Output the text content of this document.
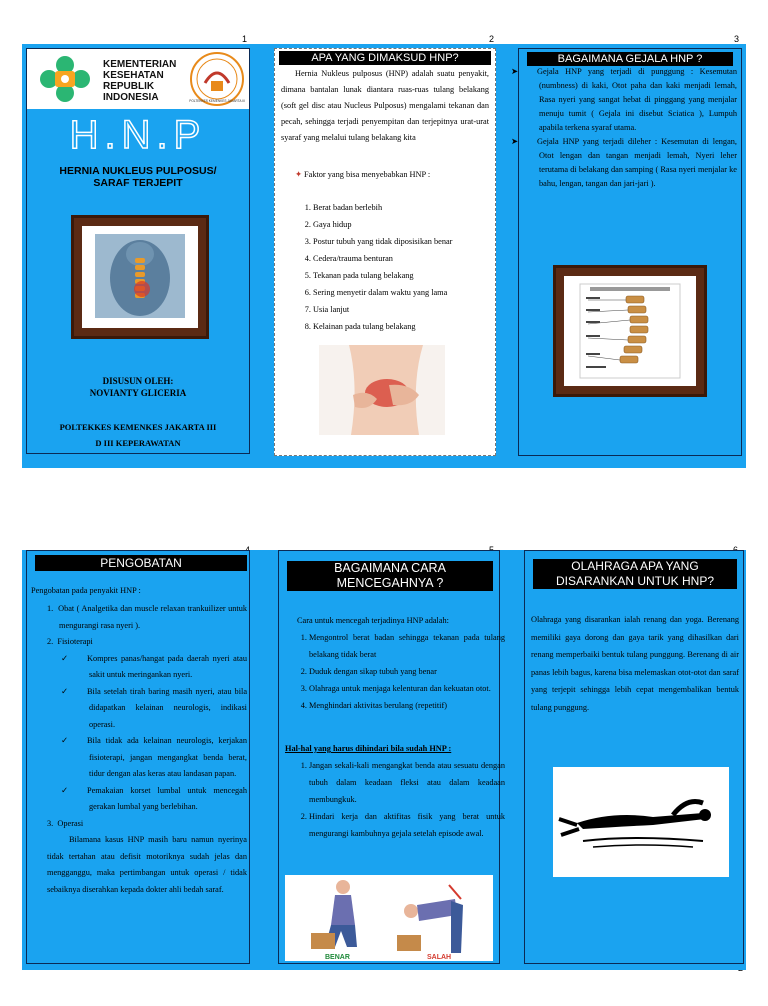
1	2	3
KEMENTERIAN
KESEHATAN
REPUBLIK
INDONESIA	POLTEKKES KEMENKES JAKARTA III
H.N.P
HERNIA NUKLEUS PULPOSUS/
SARAF TERJEPIT
DISUSUN OLEH:
NOVIANTY GLICERIA
POLTEKKES KEMENKES JAKARTA III
D III KEPERAWATAN
APA YANG DIMAKSUD HNP?
Hernia Nukleus pulposus (HNP) adalah suatu penyakit, dimana bantalan lunak diantara ruas-ruas tulang belakang (soft gel disc atau Nucleus Pulposus) mengalami tekanan dan pecah, sehingga terjadi penyempitan dan terjepitnya urat-urat syaraf yang melalui tulang belakang kita
✦ Faktor yang bisa menyebabkan HNP :
1. Berat badan berlebih
2. Gaya hidup
3. Postur tubuh yang tidak diposisikan benar
4. Cedera/trauma benturan
5. Tekanan pada tulang belakang
6. Sering menyetir dalam waktu yang lama
7. Usia lanjut
8. Kelainan pada tulang belakang
BAGAIMANA GEJALA HNP ?
➤ Gejala HNP yang terjadi di punggung : Kesemutan (numbness) di kaki, Otot paha dan kaki menjadi lemah, Rasa nyeri yang sangat hebat di pinggang yang menjalar menuju tumit ( Gejala ini disebut Sciatica ), Lumpuh apabila terkena syaraf utama.
➤ Gejala HNP yang terjadi dileher : Kesemutan di lengan, Otot lengan dan tangan menjadi lemah, Nyeri leher terutama di belakang dan samping ( Rasa nyeri menjalar ke bahu, lengan, tangan dan jari-jari ).
PENGOBATAN
Pengobatan pada penyakit HNP :
1.  Obat ( Analgetika dan muscle relaxan trankuilizer untuk mengurangi rasa nyeri ).
2.  Fisioterapi
✓ Kompres panas/hangat pada daerah nyeri atau sakit untuk meringankan nyeri.
✓ Bila setelah tirah baring masih nyeri, atau bila didapatkan kelainan neurologis, indikasi operasi.
✓ Bila tidak ada kelainan neurologis, kerjakan fisioterapi, jangan mengangkat benda berat, tidur dengan alas keras atau landasan papan.
✓ Pemakaian korset lumbal untuk mencegah gerakan lumbal yang berlebihan.
3.  Operasi
Bilamana kasus HNP masih baru namun nyerinya tidak tertahan atau defisit motoriknya sudah jelas dan mengganggu, maka pertimbangan untuk operasi / tidak sebaiknya diserahkan kepada dokter ahli bedah saraf.
BAGAIMANA CARA
MENCEGAHNYA ?
Cara untuk mencegah terjadinya HNP adalah:
1. Mengontrol berat badan sehingga tekanan pada tulang belakang tidak berat
2. Duduk dengan sikap tubuh yang benar
3. Olahraga untuk menjaga kelenturan dan kekuatan otot.
4. Menghindari aktivitas berulang (repetitif)
Hal-hal yang harus dihindari bila sudah HNP :
1. Jangan sekali-kali mengangkat benda atau sesuatu dengan tubuh dalam keadaan fleksi atau dalam keadaan membungkuk.
2. Hindari kerja dan aktifitas fisik yang berat untuk mengurangi kambuhnya gejala setelah episode awal.
BENAR	SALAH
OLAHRAGA APA YANG
DISARANKAN UNTUK HNP?
Olahraga yang disarankan ialah renang dan yoga. Berenang memiliki gaya dorong dan gaya tarik yang dihasilkan dari renang memperbaiki bentuk tulang punggung. Berenang di air panas lebih bagus, karena bisa melemaskan otot-otot dan saraf yang terjepit sehingga lebih cepat mengembalikan bentuk tulang punggung.
